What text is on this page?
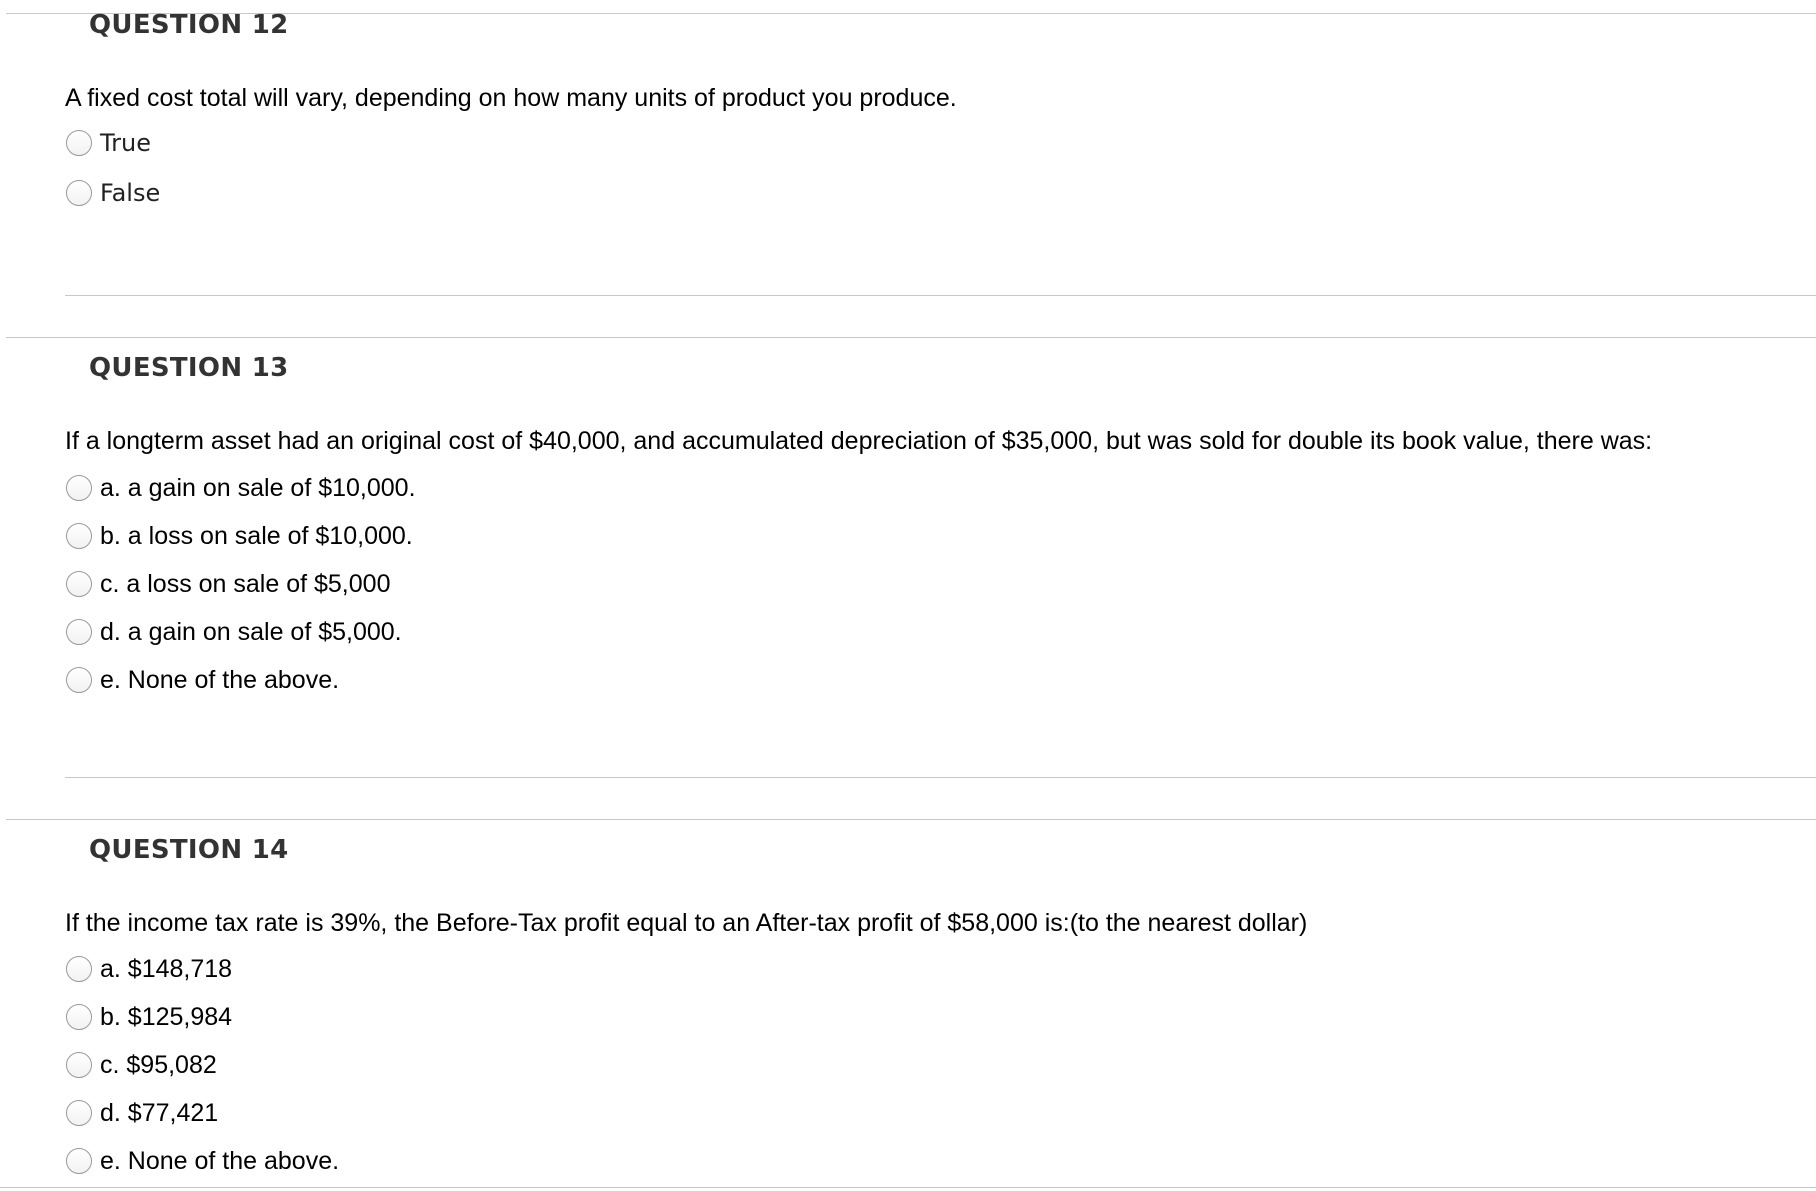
QUESTION 12
A fixed cost total will vary, depending on how many units of product you produce.
True
False
QUESTION 13
If a longterm asset had an original cost of $40,000, and accumulated depreciation of $35,000, but was sold for double its book value, there was:
a. a gain on sale of $10,000.
b. a loss on sale of $10,000.
c. a loss on sale of $5,000
d. a gain on sale of $5,000.
e. None of the above.
QUESTION 14
If the income tax rate is 39%, the Before-Tax profit equal to an After-tax profit of $58,000 is:(to the nearest dollar)
a. $148,718
b. $125,984
c. $95,082
d. $77,421
e. None of the above.
